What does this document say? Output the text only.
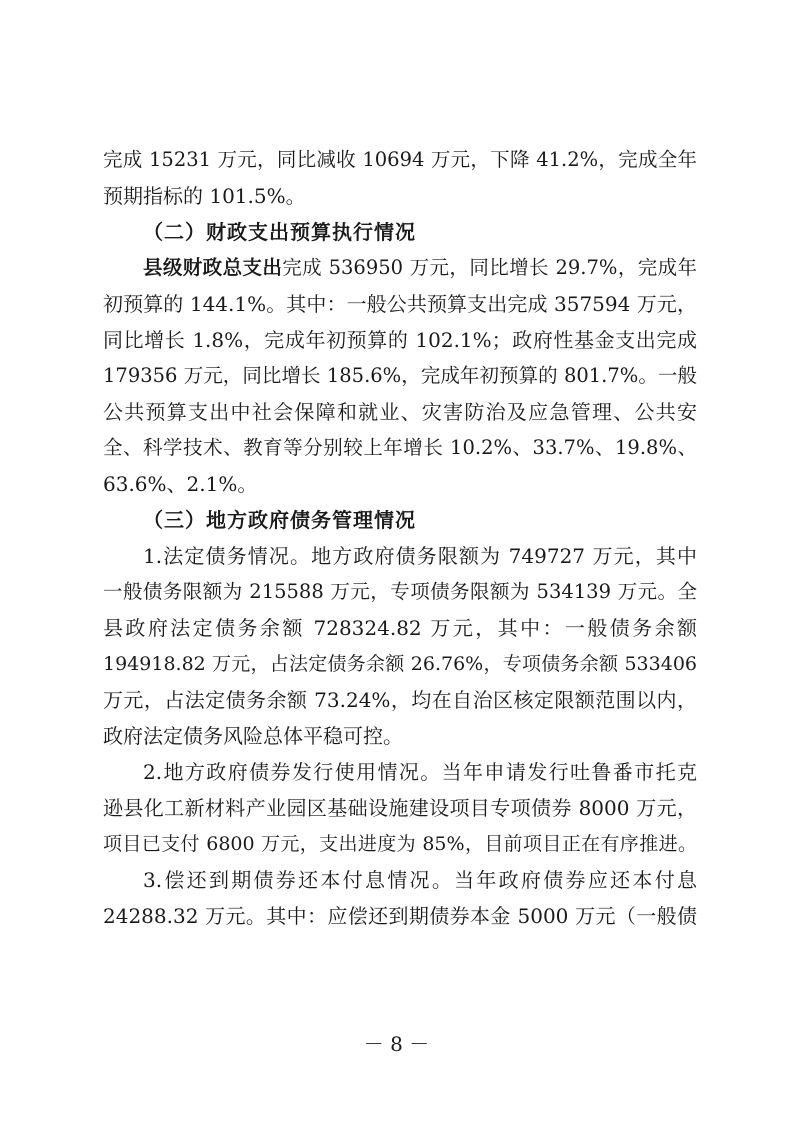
完成 15231 万元，同比减收 10694 万元，下降 41.2%，完成全年
预期指标的 101.5%。
（二）财政支出预算执行情况
县级财政总支出完成 536950 万元，同比增长 29.7%，完成年
初预算的 144.1%。其中：一般公共预算支出完成 357594 万元，
同比增长 1.8%，完成年初预算的 102.1%；政府性基金支出完成
179356 万元，同比增长 185.6%，完成年初预算的 801.7%。一般
公共预算支出中社会保障和就业、灾害防治及应急管理、公共安
全、科学技术、教育等分别较上年增长 10.2%、33.7%、19.8%、
63.6%、2.1%。
（三）地方政府债务管理情况
1.法定债务情况。地方政府债务限额为 749727 万元，其中
一般债务限额为 215588 万元，专项债务限额为 534139 万元。全
县政府法定债务余额 728324.82 万元，其中：一般债务余额
194918.82 万元，占法定债务余额 26.76%，专项债务余额 533406
万元，占法定债务余额 73.24%，均在自治区核定限额范围以内，
政府法定债务风险总体平稳可控。
2.地方政府债券发行使用情况。当年申请发行吐鲁番市托克
逊县化工新材料产业园区基础设施建设项目专项债券 8000 万元，
项目已支付 6800 万元，支出进度为 85%，目前项目正在有序推进。
3.偿还到期债券还本付息情况。当年政府债券应还本付息
24288.32 万元。其中：应偿还到期债券本金 5000 万元（一般债
－ 8 －
